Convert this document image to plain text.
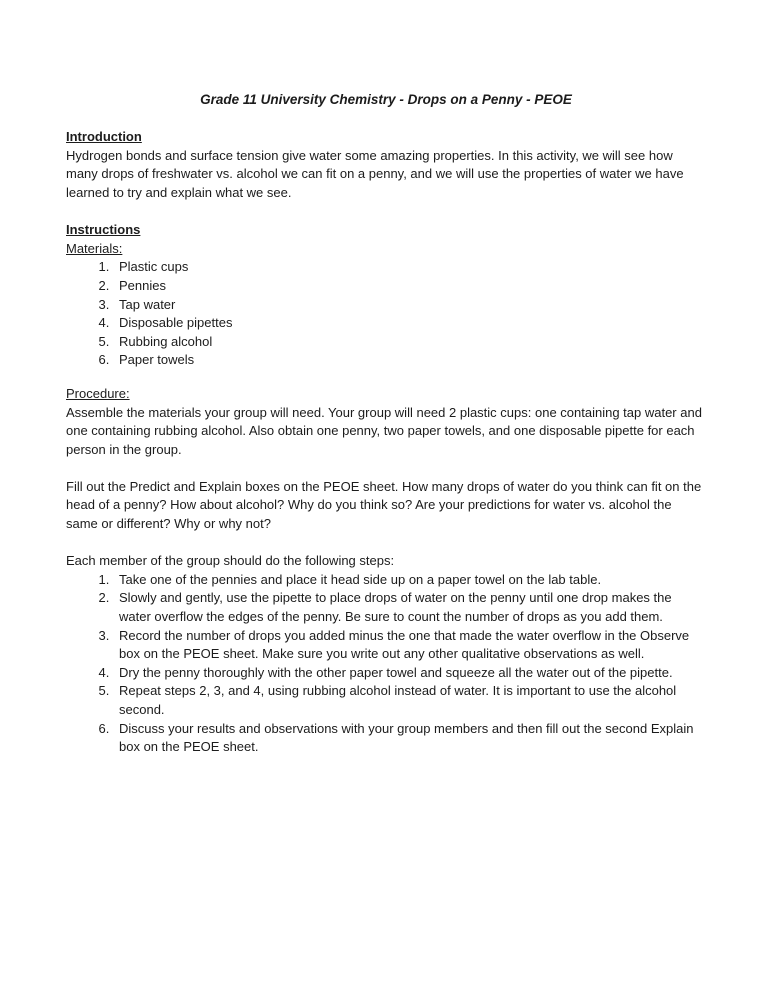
Grade 11 University Chemistry - Drops on a Penny - PEOE
Introduction

Hydrogen bonds and surface tension give water some amazing properties. In this activity, we will see how many drops of freshwater vs. alcohol we can fit on a penny, and we will use the properties of water we have learned to try and explain what we see.

Instructions
Materials:
1. Plastic cups
2. Pennies
3. Tap water
4. Disposable pipettes
5. Rubbing alcohol
6. Paper towels
Procedure:

Assemble the materials your group will need. Your group will need 2 plastic cups: one containing tap water and one containing rubbing alcohol. Also obtain one penny, two paper towels, and one disposable pipette for each person in the group.

Fill out the Predict and Explain boxes on the PEOE sheet. How many drops of water do you think can fit on the head of a penny? How about alcohol? Why do you think so? Are your predictions for water vs. alcohol the same or different? Why or why not?

Each member of the group should do the following steps:

1. Take one of the pennies and place it head side up on a paper towel on the lab table.
2. Slowly and gently, use the pipette to place drops of water on the penny until one drop makes the water overflow the edges of the penny. Be sure to count the number of drops as you add them.
3. Record the number of drops you added minus the one that made the water overflow in the Observe box on the PEOE sheet. Make sure you write out any other qualitative observations as well.
4. Dry the penny thoroughly with the other paper towel and squeeze all the water out of the pipette.
5. Repeat steps 2, 3, and 4, using rubbing alcohol instead of water. It is important to use the alcohol second.
6. Discuss your results and observations with your group members and then fill out the second Explain box on the PEOE sheet.
